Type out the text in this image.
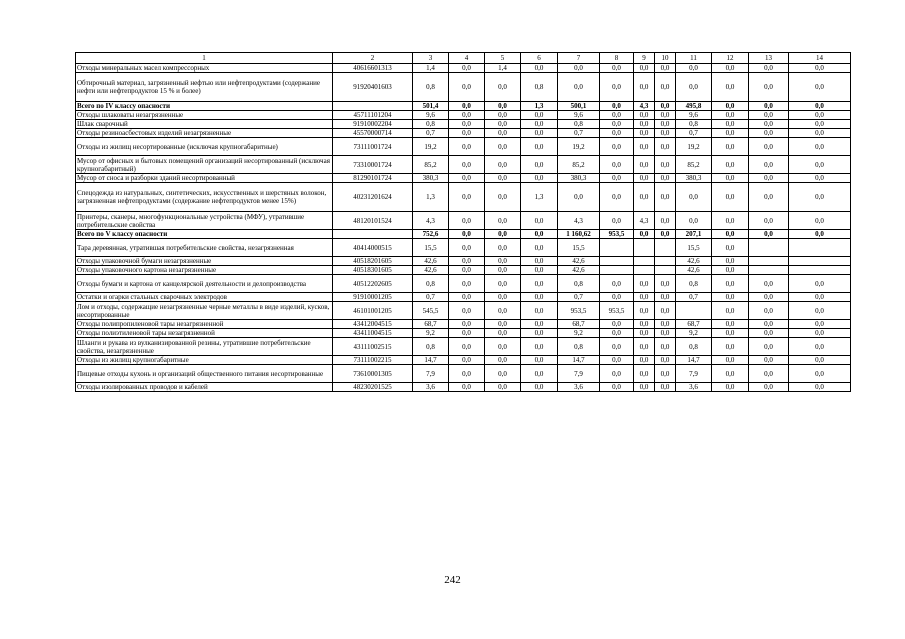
1	2	3	4	5	6	7	8	9	10	11	12	13	14
Отходы минеральных масел компрессорных	40616601313	1,4	0,0	1,4	0,0	0,0	0,0	0,0	0,0	0,0	0,0	0,0	0,0
Обтирочный материал, загрязненный нефтью или нефтепродуктами (содержание нефти или нефтепродуктов 15 % и более)	91920401603	0,8	0,0	0,0	0,8	0,0	0,0	0,0	0,0	0,0	0,0	0,0	0,0
Всего по IV классу опасности		501,4	0,0	0,0	1,3	500,1	0,0	4,3	0,0	495,8	0,0	0,0	0,0
Отходы шлаковаты незагрязненные	45711101204	9,6	0,0	0,0	0,0	9,6	0,0	0,0	0,0	9,6	0,0	0,0	0,0
Шлак сварочный	91910002204	0,8	0,0	0,0	0,0	0,8	0,0	0,0	0,0	0,8	0,0	0,0	0,0
Отходы резиноасбестовых изделий незагрязненные	45570000714	0,7	0,0	0,0	0,0	0,7	0,0	0,0	0,0	0,7	0,0	0,0	0,0
Отходы из жилищ несортированные (исключая крупногабаритные)	73111001724	19,2	0,0	0,0	0,0	19,2	0,0	0,0	0,0	19,2	0,0	0,0	0,0
Мусор от офисных и бытовых помещений организаций несортированный (исключая крупногабаритный)	73310001724	85,2	0,0	0,0	0,0	85,2	0,0	0,0	0,0	85,2	0,0	0,0	0,0
Мусор от сноса и разборки зданий несортированный	81290101724	380,3	0,0	0,0	0,0	380,3	0,0	0,0	0,0	380,3	0,0	0,0	0,0
Спецодежда из натуральных, синтетических, искусственных и шерстяных волокон, загрязненная нефтепродуктами (содержание нефтепродуктов менее 15%)	40231201624	1,3	0,0	0,0	1,3	0,0	0,0	0,0	0,0	0,0	0,0	0,0	0,0
Принтеры, сканеры, многофункциональные устройства (МФУ), утратившие потребительские свойства	48120101524	4,3	0,0	0,0	0,0	4,3	0,0	4,3	0,0	0,0	0,0	0,0	0,0
Всего по V классу опасности		752,6	0,0	0,0	0,0	1 160,62	953,5	0,0	0,0	207,1	0,0	0,0	0,0
Тара деревянная, утратившая потребительские свойства, незагрязненная	40414000515	15,5	0,0	0,0	0,0	15,5				15,5	0,0		
Отходы упаковочной бумаги незагрязненные	40518201605	42,6	0,0	0,0	0,0	42,6				42,6	0,0		
Отходы упаковочного картона незагрязненные	40518301605	42,6	0,0	0,0	0,0	42,6				42,6	0,0		
Отходы бумаги и картона от канцелярской деятельности и делопроизводства	40512202605	0,8	0,0	0,0	0,0	0,8	0,0	0,0	0,0	0,8	0,0	0,0	0,0
Остатки и огарки стальных сварочных электродов	91910001205	0,7	0,0	0,0	0,0	0,7	0,0	0,0	0,0	0,7	0,0	0,0	0,0
Лом и отходы, содержащие незагрязненные черные металлы в виде изделий, кусков, несортированные	46101001205	545,5	0,0	0,0	0,0	953,5	953,5	0,0	0,0		0,0	0,0	0,0
Отходы полипропиленовой тары незагрязненной	43412004515	68,7	0,0	0,0	0,0	68,7	0,0	0,0	0,0	68,7	0,0	0,0	0,0
Отходы полиэтиленовой тары незагрязненной	43411004515	9,2	0,0	0,0	0,0	9,2	0,0	0,0	0,0	9,2	0,0	0,0	0,0
Шланги и рукава из вулканизированной резины, утратившие потребительские свойства, незагрязненные	43111002515	0,8	0,0	0,0	0,0	0,8	0,0	0,0	0,0	0,8	0,0	0,0	0,0
Отходы из жилищ крупногабаритные	73111002215	14,7	0,0	0,0	0,0	14,7	0,0	0,0	0,0	14,7	0,0	0,0	0,0
Пищевые отходы кухонь и организаций общественного питания несортированные	73610001305	7,9	0,0	0,0	0,0	7,9	0,0	0,0	0,0	7,9	0,0	0,0	0,0
Отходы изолированных проводов и кабелей	48230201525	3,6	0,0	0,0	0,0	3,6	0,0	0,0	0,0	3,6	0,0	0,0	0,0
242
